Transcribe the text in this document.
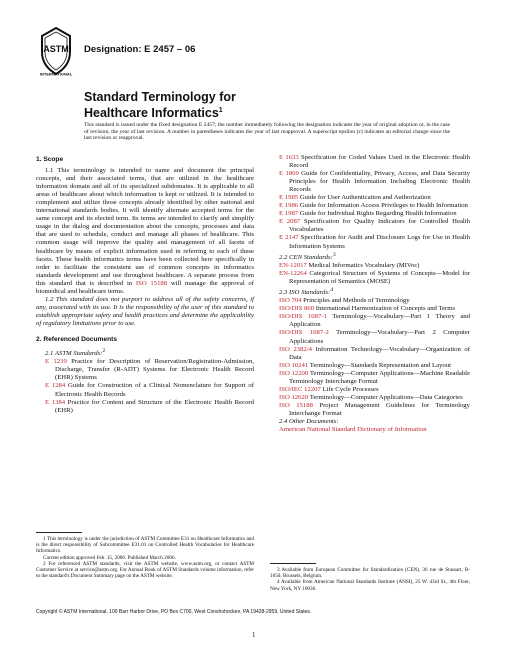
ASTM
INTERNATIONAL
Designation: E 2457 – 06
Standard Terminology for
Healthcare Informatics$^1$
This standard is issued under the fixed designation E 2457; the number immediately following the designation indicates the year of original adoption or, in the case of revision, the year of last revision. A number in parentheses indicates the year of last reapproval. A superscript epsilon (ε) indicates an editorial change since the last revision or reapproval.
1. Scope

1.1 This terminology is intended to name and document the principal concepts, and their associated terms, that are utilized in the healthcare information domain and all of its specialized subdomains. It is applicable to all areas of healthcare about which information is kept or utilized. It is intended to complement and utilize those concepts already identified by other national and international standards bodies. It will identify alternate accepted terms for the same concept and its elected term. Its terms are intended to clarify and simplify usage in the dialog and documentation about the concepts, processes and data that are used to schedule, conduct and manage all phases of healthcare. This common usage will improve the quality and management of all facets of healthcare by means of explicit information used in referring to each of these facets. These health informatics terms have been collected here specifically in order to facilitate the consistent use of common concepts in informatics standards development and use throughout healthcare. A separate process from this standard that is described in ISO 15188 will manage the approval of biomedical and healthcare terms.

1.2 This standard does not purport to address all of the safety concerns, if any, associated with its use. It is the responsibility of the user of this standard to establish appropriate safety and health practices and determine the applicability of regulatory limitations prior to use.

2. Referenced Documents
2.1 ASTM Standards:$^2$
E 1239 Practice for Description of Reservation/Registration-Admission, Discharge, Transfer (R-ADT) Systems for Electronic Health Record (EHR) Systems
E 1284 Guide for Construction of a Clinical Nomenclature for Support of Electronic Health Records
E 1384 Practice for Content and Structure of the Electronic Health Record (EHR)
E 1633 Specification for Coded Values Used in the Electronic Health Record
E 1869 Guide for Confidentiality, Privacy, Access, and Data Security Principles for Health Information Including Electronic Health Records
E 1985 Guide for User Authentication and Authorization
E 1986 Guide for Information Access Privileges to Health Information
E 1987 Guide for Individual Rights Regarding Health Information
E 2087 Specification for Quality Indicators for Controlled Health Vocabularies
E 2147 Specification for Audit and Disclosure Logs for Use in Health Information Systems
2.2 CEN Standards:$^3$
EN-12017 Medical Informatics Vocabulary (MIVoc)
EN-12264 Categorical Structure of Systems of Concepts—Model for Representation of Semantics (MOSE)
2.3 ISO Standards:$^4$
ISO 704 Principles and Methods of Terminology
ISO/DIS 860 International Harmonization of Concepts and Terms
ISO/DIS 1087-1 Terminology—Vocabulary—Part 1 Theory and Application
ISO/DIS 1087-2 Terminology—Vocabulary—Part 2 Computer Applications
ISO 2382/4 Information Technology—Vocabulary—Organization of Data
ISO 10241 Terminology—Standards Representation and Layout
ISO 12200 Terminology—Computer Applications—Machine Readable Terminology Interchange Format
ISO/IEC 12207 Life Cycle Processes
ISO 12620 Terminology—Computer Applications—Data Categories
ISO 15188 Project Management Guidelines for Terminology Interchange Format
2.4 Other Documents:
American National Standard Dictionary of Information

1 This terminology is under the jurisdiction of ASTM Committee E31 on Healthcare Informatics and is the direct responsibility of Subcommittee E31.01 on Controlled Health Vocabularies for Healthcare Informatics.

Current edition approved Feb. 15, 2006. Published March 2006.

2 For referenced ASTM standards, visit the ASTM website, www.astm.org, or contact ASTM Customer Service at service@astm.org. For Annual Book of ASTM Standards volume information, refer to the standard's Document Summary page on the ASTM website.

3 Available from European Committee for Standardization (CEN), 36 rue de Stassart, B-1050, Brussels, Belgium.

4 Available from American National Standards Institute (ANSI), 25 W. 43rd St., 4th Floor, New York, NY 10036.

Copyright © ASTM International, 100 Barr Harbor Drive, PO Box C700, West Conshohocken, PA 19428-2959, United States.
1
